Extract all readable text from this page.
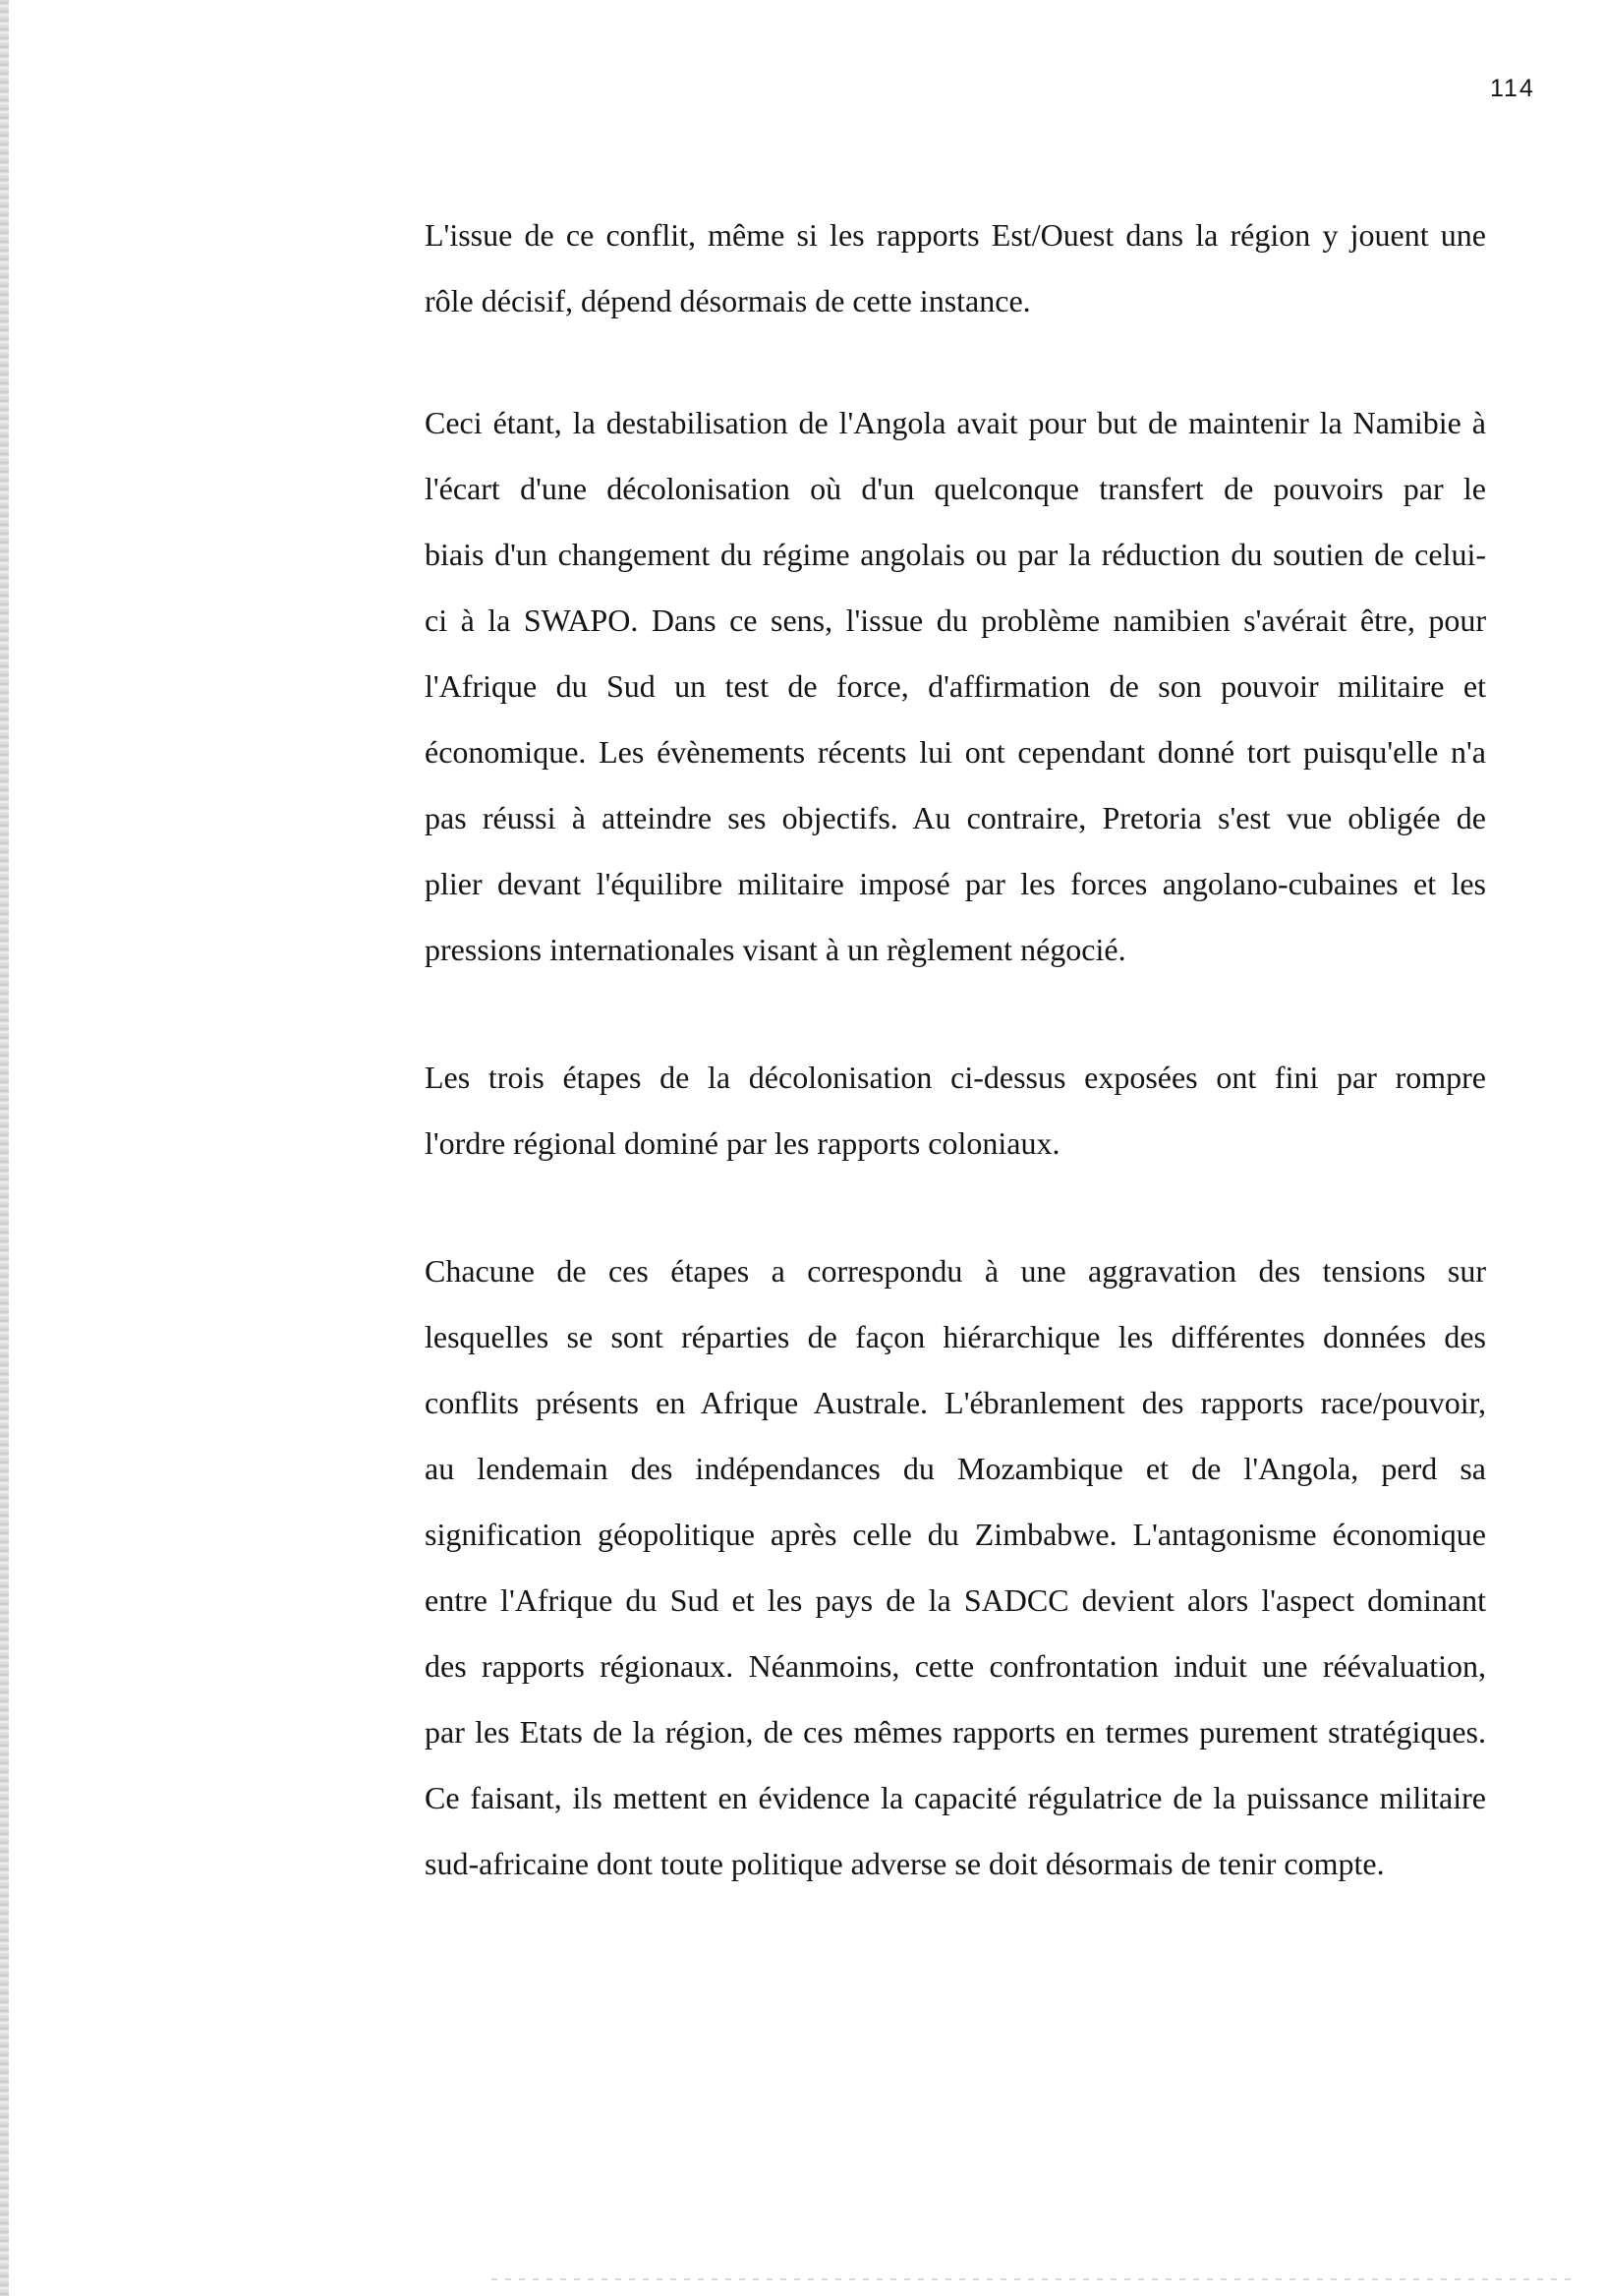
114

L'issue de ce conflit, même si les rapports Est/Ouest dans la région y jouent une
rôle décisif, dépend désormais de cette instance.

Ceci étant, la destabilisation de l'Angola avait pour but de maintenir la Namibie à
l'écart d'une décolonisation où d'un quelconque transfert de pouvoirs par le
biais d'un changement du régime angolais ou par la réduction du soutien de celui-
ci à la SWAPO. Dans ce sens, l'issue du problème namibien s'avérait être, pour
l'Afrique du Sud un test de force, d'affirmation de son pouvoir militaire et
économique. Les évènements récents lui ont cependant donné tort puisqu'elle n'a
pas réussi à atteindre ses objectifs. Au contraire, Pretoria s'est vue obligée de
plier devant l'équilibre militaire imposé par les forces angolano-cubaines et les
pressions internationales visant à un règlement négocié.

Les trois étapes de la décolonisation ci-dessus exposées ont fini par rompre
l'ordre régional dominé par les rapports coloniaux.

Chacune de ces étapes a correspondu à une aggravation des tensions sur
lesquelles se sont réparties de façon hiérarchique les différentes données des
conflits présents en Afrique Australe. L'ébranlement des rapports race/pouvoir,
au lendemain des indépendances du Mozambique et de l'Angola, perd sa
signification géopolitique après celle du Zimbabwe. L'antagonisme économique
entre l'Afrique du Sud et les pays de la SADCC devient alors l'aspect dominant
des rapports régionaux. Néanmoins, cette confrontation induit une réévaluation,
par les Etats de la région, de ces mêmes rapports en termes purement stratégiques.
Ce faisant, ils mettent en évidence la capacité régulatrice de la puissance militaire
sud-africaine dont toute politique adverse se doit désormais de tenir compte.
